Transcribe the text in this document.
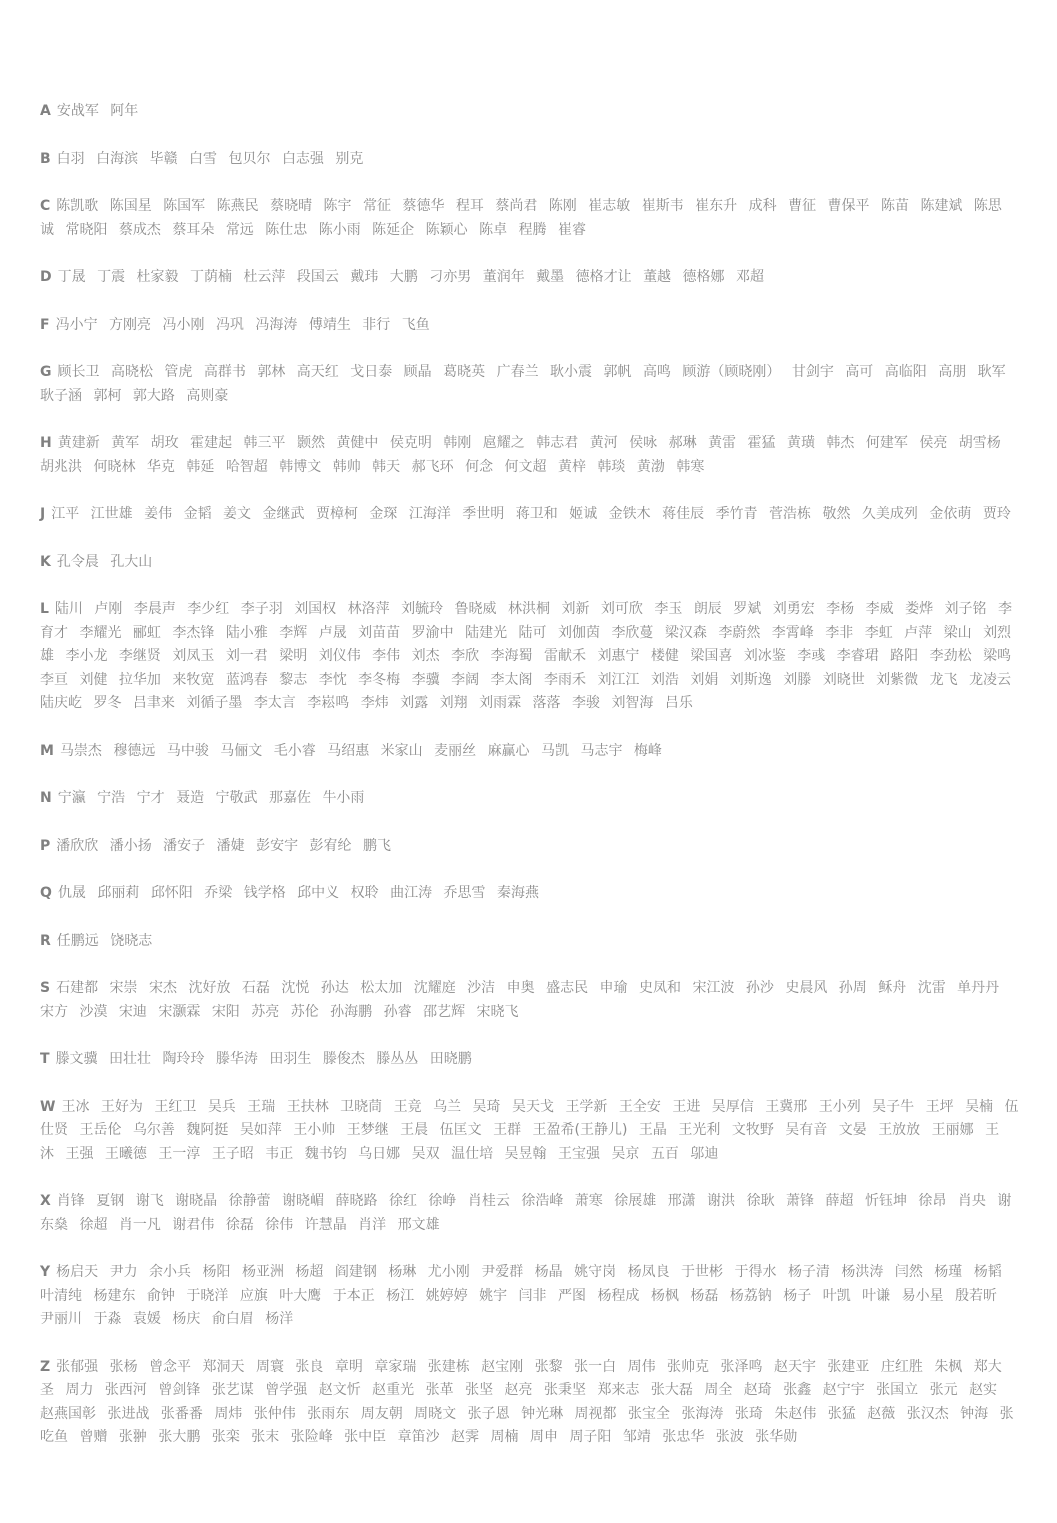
A 安战军 阿年

B 白羽 白海滨 毕赣 白雪 包贝尔 白志强 别克

C 陈凯歌 陈国星 陈国军 陈燕民 蔡晓晴 陈宇 常征 蔡德华 程耳 蔡尚君 陈刚 崔志敏 崔斯韦 崔东升 成科 曹征 曹保平 陈苗 陈建斌 陈思诚 常晓阳 蔡成杰 蔡耳朵 常远 陈仕忠 陈小雨 陈延企 陈颖心 陈卓 程腾 崔睿

D 丁晟 丁震 杜家毅 丁荫楠 杜云萍 段国云 戴玮 大鹏 刁亦男 董润年 戴墨 德格才让 董越 德格娜 邓超

F 冯小宁 方刚亮 冯小刚 冯巩 冯海涛 傅靖生 非行 飞鱼

G 顾长卫 高晓松 管虎 高群书 郭林 高天红 戈日泰 顾晶 葛晓英 广春兰 耿小震 郭帆 高鸣 顾游（顾晓刚） 甘剑宇 高可 高临阳 高朋 耿军 耿子涵 郭柯 郭大路 高则豪

H 黄建新 黄军 胡玫 霍建起 韩三平 颢然 黄健中 侯克明 韩刚 扈耀之 韩志君 黄河 侯咏 郝琳 黄雷 霍猛 黄璜 韩杰 何建军 侯亮 胡雪杨 胡兆洪 何晓林 华克 韩延 哈智超 韩博文 韩帅 韩天 郝飞环 何念 何文超 黄梓 韩琰 黄渤 韩寒

J 江平 江世雄 姜伟 金韬 姜文 金继武 贾樟柯 金琛 江海洋 季世明 蒋卫和 姬诚 金铁木 蒋佳辰 季竹青 菅浩栋 敬然 久美成列 金依萌 贾玲

K 孔令晨 孔大山

L 陆川 卢刚 李晨声 李少红 李子羽 刘国权 林洛萍 刘毓玲 鲁晓威 林洪桐 刘新 刘可欣 李玉 朗辰 罗斌 刘勇宏 李杨 李威 娄烨 刘子铭 李育才 李耀光 郦虹 李杰锋 陆小雅 李辉 卢晟 刘苗苗 罗渝中 陆建光 陆可 刘伽茵 李欣蔓 梁汉森 李蔚然 李霄峰 李非 李虹 卢萍 梁山 刘烈雄 李小龙 李继贤 刘凤玉 刘一君 梁明 刘仪伟 李伟 刘杰 李欣 李海蜀 雷献禾 刘惠宁 楼健 梁国喜 刘冰鉴 李彧 李睿珺 路阳 李劲松 梁鸣 李亘 刘健 拉华加 来牧宽 蓝鸿春 黎志 李忱 李冬梅 李骥 李阔 李太阁 李雨禾 刘江江 刘浩 刘娟 刘斯逸 刘滕 刘晓世 刘紫微 龙飞 龙凌云 陆庆屹 罗冬 吕聿来 刘循子墨 李太言 李崧鸣 李炜 刘露 刘翔 刘雨霖 落落 李骏 刘智海 吕乐

M 马崇杰 穆德远 马中骏 马俪文 毛小睿 马绍惠 米家山 麦丽丝 麻赢心 马凯 马志宇 梅峰

N 宁瀛 宁浩 宁才 聂造 宁敬武 那嘉佐 牛小雨

P 潘欣欣 潘小扬 潘安子 潘婕 彭安宇 彭宥纶 鹏飞

Q 仇晟 邱丽莉 邱怀阳 乔梁 钱学格 邱中义 权聆 曲江涛 乔思雪 秦海燕

R 任鹏远 饶晓志

S 石建都 宋崇 宋杰 沈好放 石磊 沈悦 孙达 松太加 沈耀庭 沙洁 申奥 盛志民 申瑜 史凤和 宋江波 孙沙 史晨风 孙周 稣舟 沈雷 单丹丹 宋方 沙漠 宋迪 宋灏霖 宋阳 苏亮 苏伦 孙海鹏 孙睿 邵艺辉 宋晓飞

T 滕文骥 田壮壮 陶玲玲 滕华涛 田羽生 滕俊杰 滕丛丛 田晓鹏

W 王冰 王好为 王红卫 吴兵 王瑞 王扶林 卫晓茼 王竞 乌兰 吴琦 吴天戈 王学新 王全安 王进 吴厚信 王冀邢 王小列 吴子牛 王坪 吴楠 伍仕贤 王岳伦 乌尔善 魏阿挺 吴如萍 王小帅 王梦继 王晨 伍匡文 王群 王盈希(王静儿) 王晶 王光利 文牧野 吴有音 文晏 王放放 王丽娜 王沐 王强 王曦德 王一淳 王子昭 韦正 魏书钧 乌日娜 吴双 温仕培 吴昱翰 王宝强 吴京 五百 邬迪

X 肖锋 夏钢 谢飞 谢晓晶 徐静蕾 谢晓嵋 薛晓路 徐红 徐峥 肖桂云 徐浩峰 萧寒 徐展雄 邢潇 谢洪 徐耿 萧锋 薛超 忻钰坤 徐昂 肖央 谢东燊 徐超 肖一凡 谢君伟 徐磊 徐伟 许慧晶 肖洋 邢文雄

Y 杨启天 尹力 余小兵 杨阳 杨亚洲 杨超 阎建钢 杨琳 尤小刚 尹爱群 杨晶 姚守岗 杨凤良 于世彬 于得水 杨子清 杨洪涛 闫然 杨瑾 杨韬 叶清纯 杨建东 俞钟 于晓洋 应旗 叶大鹰 于本正 杨江 姚婷婷 姚宇 闫非 严图 杨程成 杨枫 杨磊 杨荔钠 杨子 叶凯 叶谦 易小星 殷若昕 尹丽川 于淼 袁媛 杨庆 俞白眉 杨洋

Z 张郁强 张杨 曾念平 郑洞天 周寰 张良 章明 章家瑞 张建栋 赵宝刚 张黎 张一白 周伟 张帅克 张泽鸣 赵天宇 张建亚 庄红胜 朱枫 郑大圣 周力 张西河 曾剑锋 张艺谋 曾学强 赵文忻 赵重光 张革 张坚 赵亮 张秉坚 郑来志 张大磊 周全 赵琦 张鑫 赵宁宇 张国立 张元 赵实 赵燕国彰 张进战 张番番 周炜 张仲伟 张雨东 周友朝 周晓文 张子恩 钟光琳 周视都 张宝全 张海涛 张琦 朱赵伟 张猛 赵薇 张汉杰 钟海 张吃鱼 曾赠 张翀 张大鹏 张栾 张末 张险峰 张中臣 章笛沙 赵霁 周楠 周申 周子阳 邹靖 张忠华 张波 张华勋
